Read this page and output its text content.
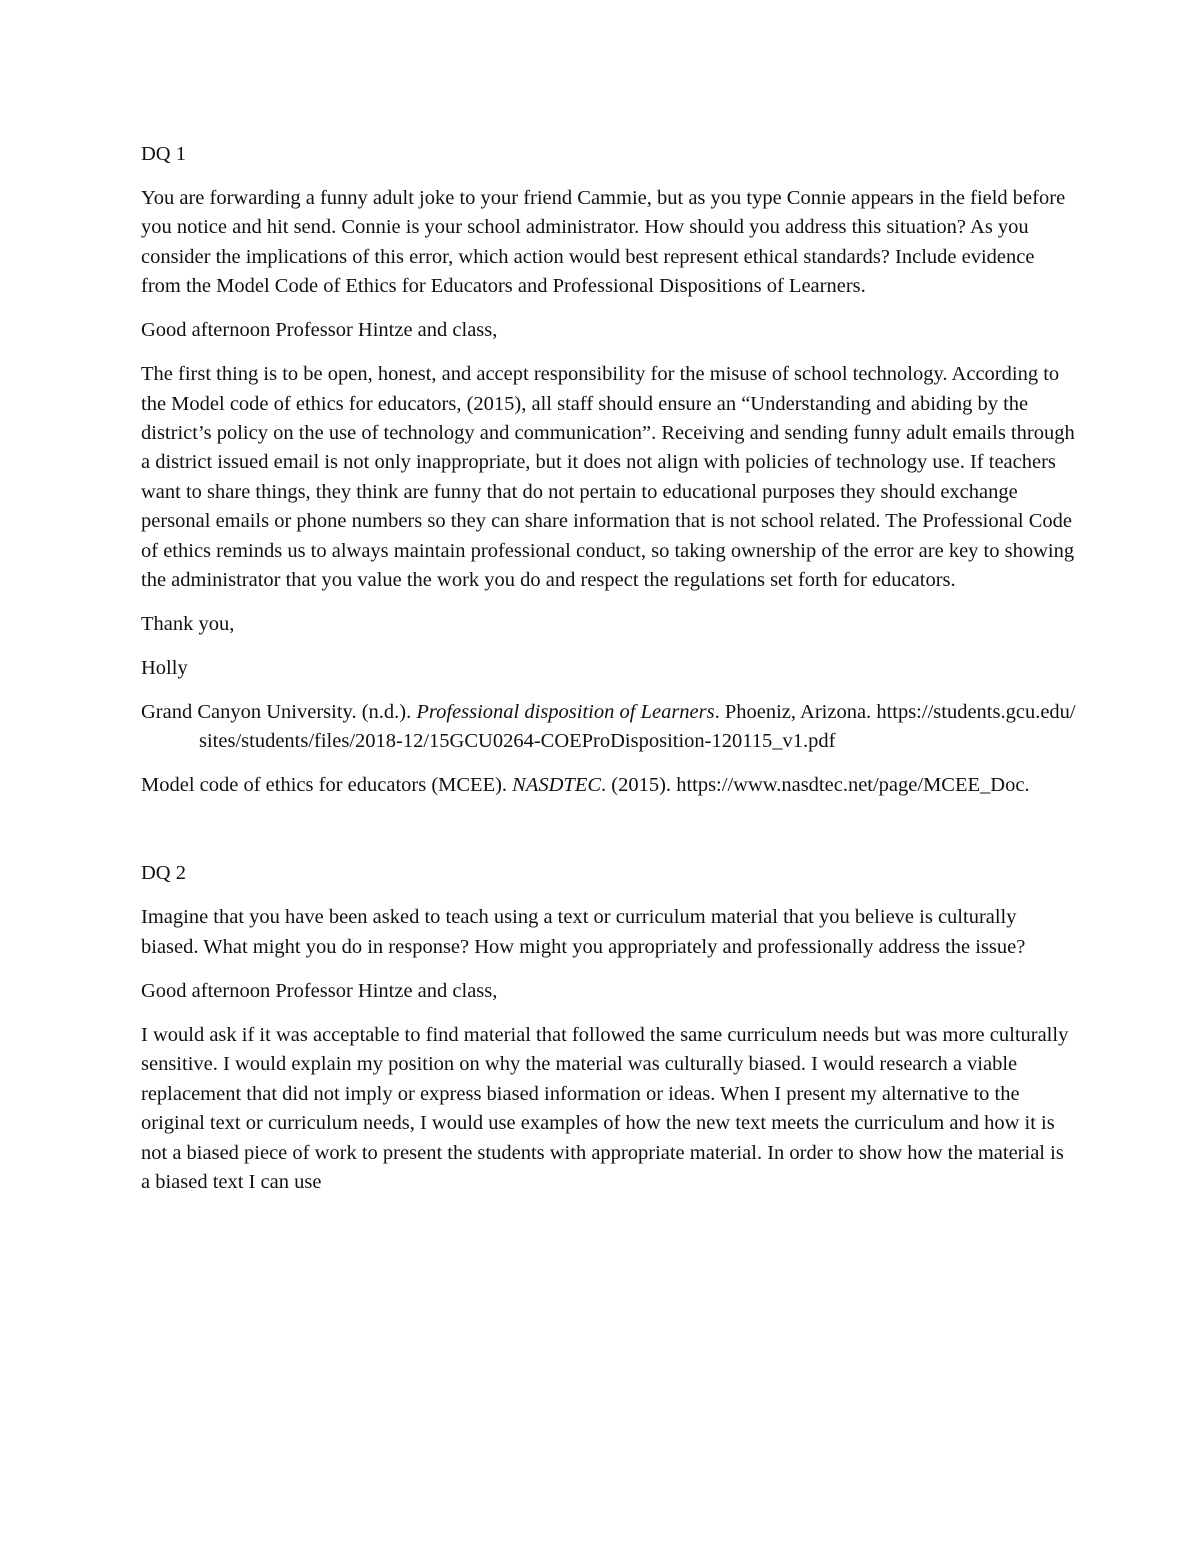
DQ 1

You are forwarding a funny adult joke to your friend Cammie, but as you type Connie appears in the field before you notice and hit send. Connie is your school administrator. How should you address this situation? As you consider the implications of this error, which action would best represent ethical standards? Include evidence from the Model Code of Ethics for Educators and Professional Dispositions of Learners.

Good afternoon Professor Hintze and class,

The first thing is to be open, honest, and accept responsibility for the misuse of school technology. According to the Model code of ethics for educators, (2015), all staff should ensure an “Understanding and abiding by the district’s policy on the use of technology and communication”. Receiving and sending funny adult emails through a district issued email is not only inappropriate, but it does not align with policies of technology use. If teachers want to share things, they think are funny that do not pertain to educational purposes they should exchange personal emails or phone numbers so they can share information that is not school related. The Professional Code of ethics reminds us to always maintain professional conduct, so taking ownership of the error are key to showing the administrator that you value the work you do and respect the regulations set forth for educators.

Thank you,

Holly

Grand Canyon University. (n.d.). Professional disposition of Learners. Phoeniz, Arizona. https://students.gcu.edu/sites/students/files/2018-12/15GCU0264-COEProDisposition-120115_v1.pdf

Model code of ethics for educators (MCEE). NASDTEC. (2015). https://www.nasdtec.net/page/MCEE_Doc.

DQ 2

Imagine that you have been asked to teach using a text or curriculum material that you believe is culturally biased. What might you do in response? How might you appropriately and professionally address the issue?

Good afternoon Professor Hintze and class,

I would ask if it was acceptable to find material that followed the same curriculum needs but was more culturally sensitive. I would explain my position on why the material was culturally biased. I would research a viable replacement that did not imply or express biased information or ideas. When I present my alternative to the original text or curriculum needs, I would use examples of how the new text meets the curriculum and how it is not a biased piece of work to present the students with appropriate material. In order to show how the material is a biased text I can use
